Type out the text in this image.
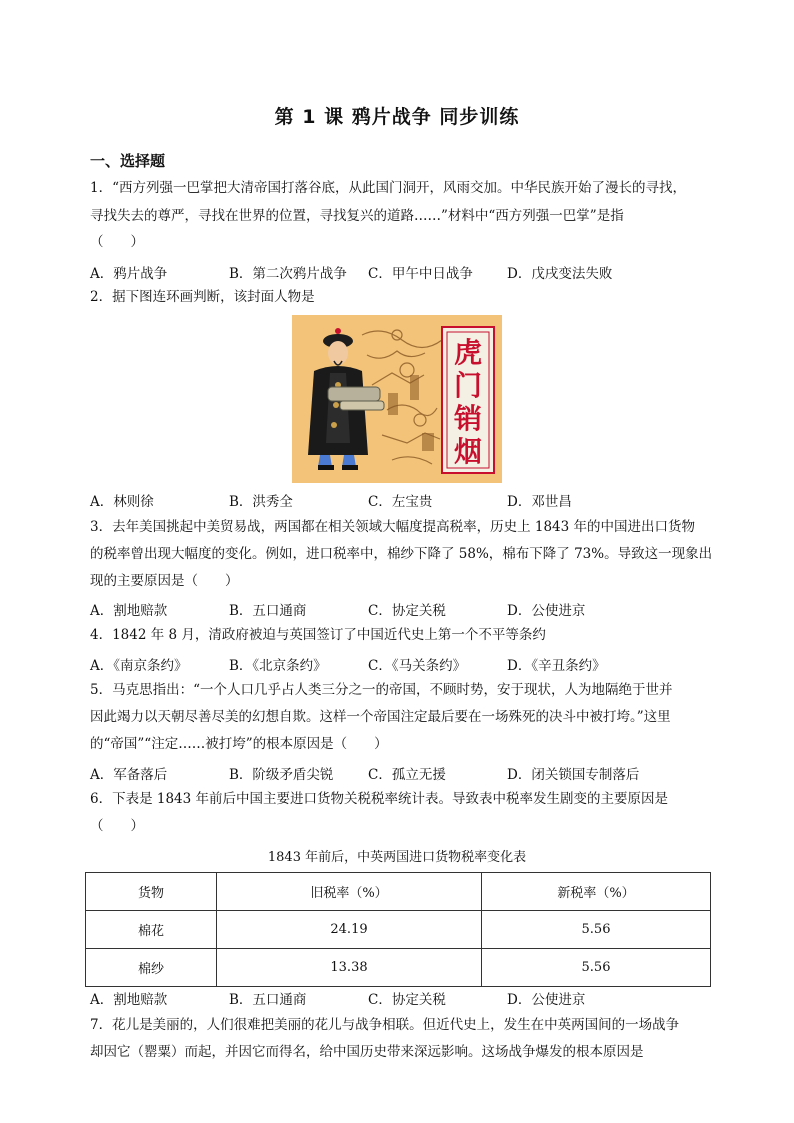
第 1 课 鸦片战争 同步训练
一、选择题
1．“西方列强一巴掌把大清帝国打落谷底，从此国门洞开，风雨交加。中华民族开始了漫长的寻找，
寻找失去的尊严，寻找在世界的位置，寻找复兴的道路……”材料中“西方列强一巴掌”是指
（　　）
A．鸦片战争	B．第二次鸦片战争 C．甲午中日战争	D．戊戌变法失败
2．据下图连环画判断，该封面人物是
虎
门
销
烟
A．林则徐	B．洪秀全	C．左宝贵	D．邓世昌
3．去年美国挑起中美贸易战，两国都在相关领域大幅度提高税率，历史上 1843 年的中国进出口货物
的税率曾出现大幅度的变化。例如，进口税率中，棉纱下降了 58%，棉布下降了 73%。导致这一现象出
现的主要原因是（　　）
A．割地赔款	B．五口通商	C．协定关税	D．公使进京
4．1842 年 8 月，清政府被迫与英国签订了中国近代史上第一个不平等条约
A．《南京条约》	B．《北京条约》	C．《马关条约》	D．《辛丑条约》
5．马克思指出：“一个人口几乎占人类三分之一的帝国，不顾时势，安于现状，人为地隔绝于世并
因此竭力以天朝尽善尽美的幻想自欺。这样一个帝国注定最后要在一场殊死的决斗中被打垮。”这里
的“帝国”“注定……被打垮”的根本原因是（　　）
A．军备落后	B．阶级矛盾尖锐	C．孤立无援	D．闭关锁国专制落后
6．下表是 1843 年前后中国主要进口货物关税税率统计表。导致表中税率发生剧变的主要原因是
（　　）
1843 年前后，中英两国进口货物税率变化表
货物	旧税率（%）	新税率（%）
棉花	24.19	5.56
棉纱	13.38	5.56
A．割地赔款	B．五口通商	C．协定关税	D．公使进京
7．花儿是美丽的，人们很难把美丽的花儿与战争相联。但近代史上，发生在中英两国间的一场战争
却因它（罂粟）而起，并因它而得名，给中国历史带来深远影响。这场战争爆发的根本原因是
